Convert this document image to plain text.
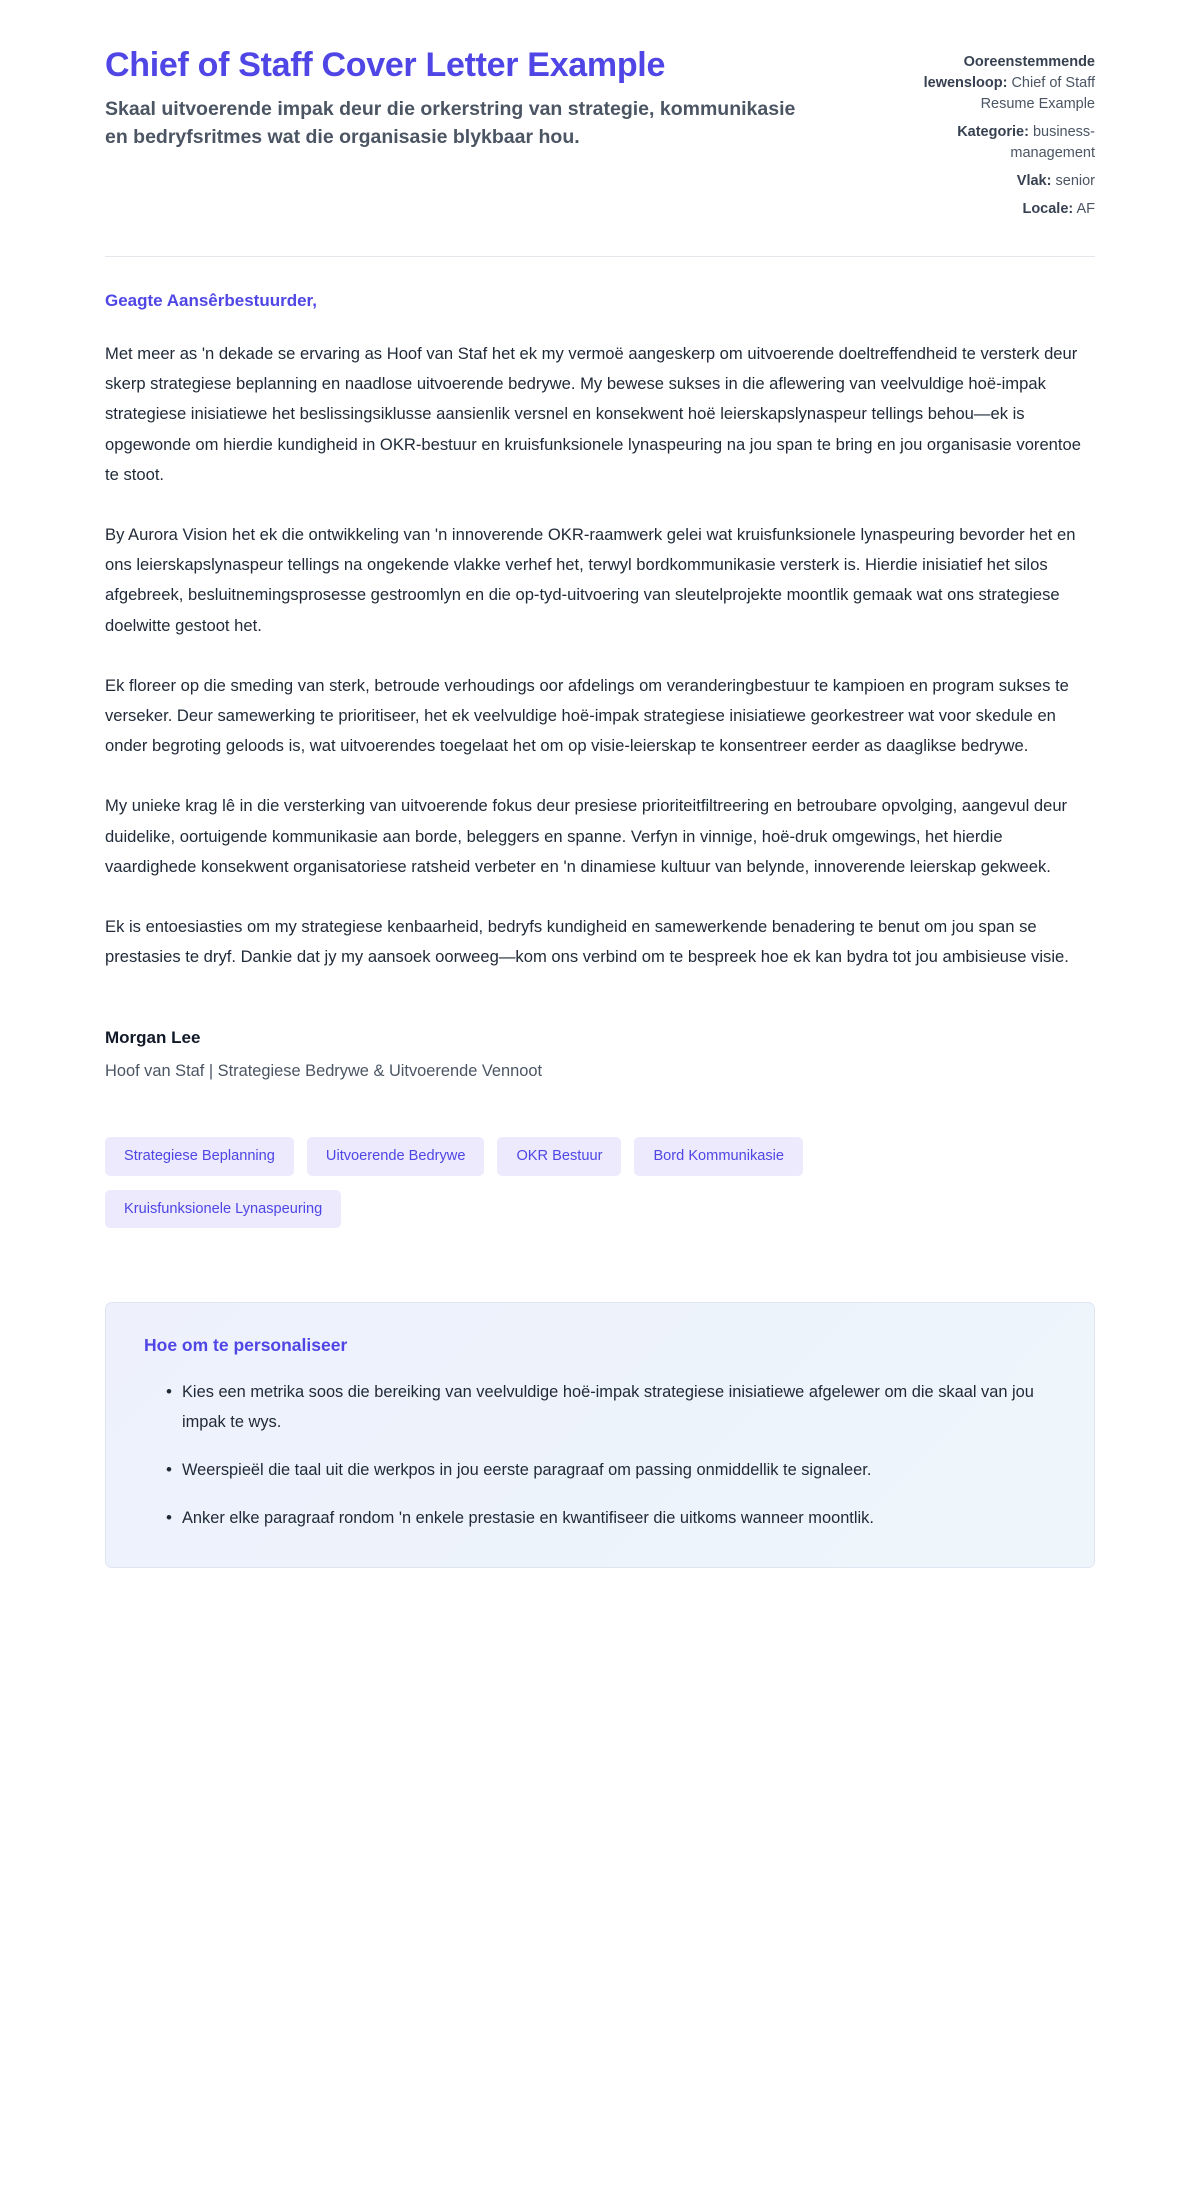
Chief of Staff Cover Letter Example

Skaal uitvoerende impak deur die orkerstring van strategie, kommunikasie en bedryfsritmes wat die organisasie blykbaar hou.

Ooreenstemmende lewensloop: Chief of Staff Resume Example
Kategorie: business-management
Vlak: senior
Locale: AF

Geagte Aansêrbestuurder,

Met meer as 'n dekade se ervaring as Hoof van Staf het ek my vermoë aangeskerp om uitvoerende doeltreffendheid te versterk deur skerp strategiese beplanning en naadlose uitvoerende bedrywe. My bewese sukses in die aflewering van veelvuldige hoë-impak strategiese inisiatiewe het beslissingsiklusse aansienlik versnel en konsekwent hoë leierskapslynaspeur tellings behou—ek is opgewonde om hierdie kundigheid in OKR-bestuur en kruisfunksionele lynaspeuring na jou span te bring en jou organisasie vorentoe te stoot.

By Aurora Vision het ek die ontwikkeling van 'n innoverende OKR-raamwerk gelei wat kruisfunksionele lynaspeuring bevorder het en ons leierskapslynaspeur tellings na ongekende vlakke verhef het, terwyl bordkommunikasie versterk is. Hierdie inisiatief het silos afgebreek, besluitnemingsprosesse gestroomlyn en die op-tyd-uitvoering van sleutelprojekte moontlik gemaak wat ons strategiese doelwitte gestoot het.

Ek floreer op die smeding van sterk, betroude verhoudings oor afdelings om veranderingbestuur te kampioen en program sukses te verseker. Deur samewerking te prioritiseer, het ek veelvuldige hoë-impak strategiese inisiatiewe georkestreer wat voor skedule en onder begroting geloods is, wat uitvoerendes toegelaat het om op visie-leierskap te konsentreer eerder as daaglikse bedrywe.

My unieke krag lê in die versterking van uitvoerende fokus deur presiese prioriteitfiltreering en betroubare opvolging, aangevul deur duidelike, oortuigende kommunikasie aan borde, beleggers en spanne. Verfyn in vinnige, hoë-druk omgewings, het hierdie vaardighede konsekwent organisatoriese ratsheid verbeter en 'n dinamiese kultuur van belynde, innoverende leierskap gekweek.

Ek is entoesiasties om my strategiese kenbaarheid, bedryfs kundigheid en samewerkende benadering te benut om jou span se prestasies te dryf. Dankie dat jy my aansoek oorweeg—kom ons verbind om te bespreek hoe ek kan bydra tot jou ambisieuse visie.

Morgan Lee

Hoof van Staf | Strategiese Bedrywe & Uitvoerende Vennoot

Strategiese Beplanning	Uitvoerende Bedrywe	OKR Bestuur	Bord Kommunikasie
Kruisfunksionele Lynaspeuring

Hoe om te personaliseer

• Kies een metrika soos die bereiking van veelvuldige hoë-impak strategiese inisiatiewe afgelewer om die skaal van jou impak te wys.
• Weerspieël die taal uit die werkpos in jou eerste paragraaf om passing onmiddellik te signaleer.
• Anker elke paragraaf rondom 'n enkele prestasie en kwantifiseer die uitkoms wanneer moontlik.
